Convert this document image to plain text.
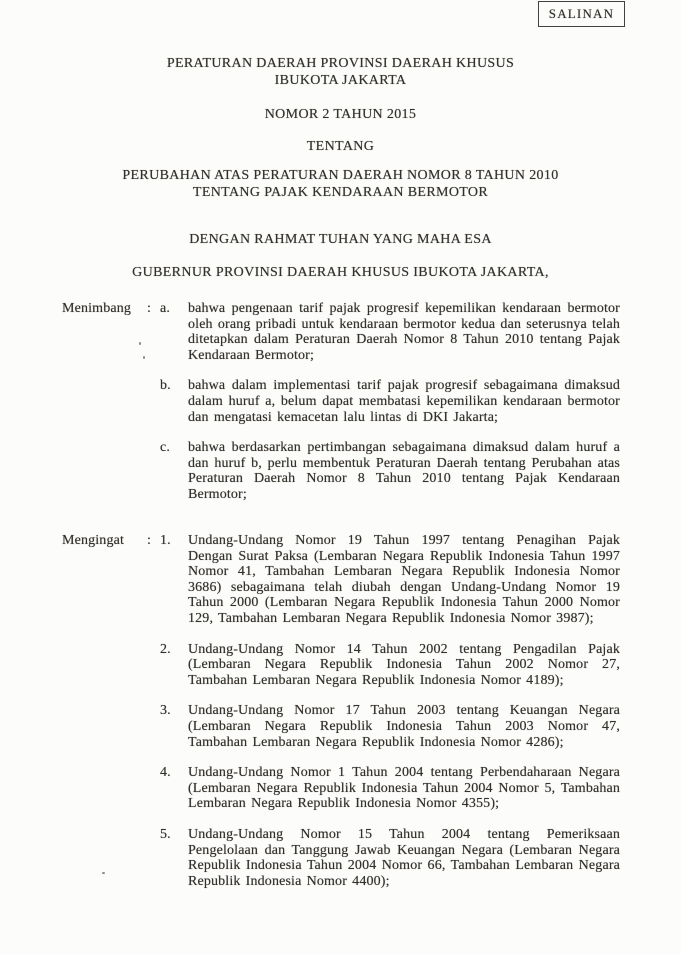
SALINAN
PERATURAN DAERAH PROVINSI DAERAH KHUSUS
IBUKOTA JAKARTA
NOMOR 2 TAHUN 2015
TENTANG
PERUBAHAN ATAS PERATURAN DAERAH NOMOR 8 TAHUN 2010
TENTANG PAJAK KENDARAAN BERMOTOR
DENGAN RAHMAT TUHAN YANG MAHA ESA
GUBERNUR PROVINSI DAERAH KHUSUS IBUKOTA JAKARTA,
Menimbang	: a.	bahwa pengenaan tarif pajak progresif kepemilikan kendaraan bermotor oleh orang pribadi untuk kendaraan bermotor kedua dan seterusnya telah ditetapkan dalam Peraturan Daerah Nomor 8 Tahun 2010 tentang Pajak Kendaraan Bermotor;
b.	bahwa dalam implementasi tarif pajak progresif sebagaimana dimaksud dalam huruf a, belum dapat membatasi kepemilikan kendaraan bermotor dan mengatasi kemacetan lalu lintas di DKI Jakarta;
c.	bahwa berdasarkan pertimbangan sebagaimana dimaksud dalam huruf a dan huruf b, perlu membentuk Peraturan Daerah tentang Perubahan atas Peraturan Daerah Nomor 8 Tahun 2010 tentang Pajak Kendaraan Bermotor;
Mengingat	: 1.	Undang-Undang Nomor 19 Tahun 1997 tentang Penagihan Pajak Dengan Surat Paksa (Lembaran Negara Republik Indonesia Tahun 1997 Nomor 41, Tambahan Lembaran Negara Republik Indonesia Nomor 3686) sebagaimana telah diubah dengan Undang-Undang Nomor 19 Tahun 2000 (Lembaran Negara Republik Indonesia Tahun 2000 Nomor 129, Tambahan Lembaran Negara Republik Indonesia Nomor 3987);
2.	Undang-Undang Nomor 14 Tahun 2002 tentang Pengadilan Pajak (Lembaran Negara Republik Indonesia Tahun 2002 Nomor 27, Tambahan Lembaran Negara Republik Indonesia Nomor 4189);
3.	Undang-Undang Nomor 17 Tahun 2003 tentang Keuangan Negara (Lembaran Negara Republik Indonesia Tahun 2003 Nomor 47, Tambahan Lembaran Negara Republik Indonesia Nomor 4286);
4.	Undang-Undang Nomor 1 Tahun 2004 tentang Perbendaharaan Negara (Lembaran Negara Republik Indonesia Tahun 2004 Nomor 5, Tambahan Lembaran Negara Republik Indonesia Nomor 4355);
5.	Undang-Undang Nomor 15 Tahun 2004 tentang Pemeriksaan Pengelolaan dan Tanggung Jawab Keuangan Negara (Lembaran Negara Republik Indonesia Tahun 2004 Nomor 66, Tambahan Lembaran Negara Republik Indonesia Nomor 4400);
